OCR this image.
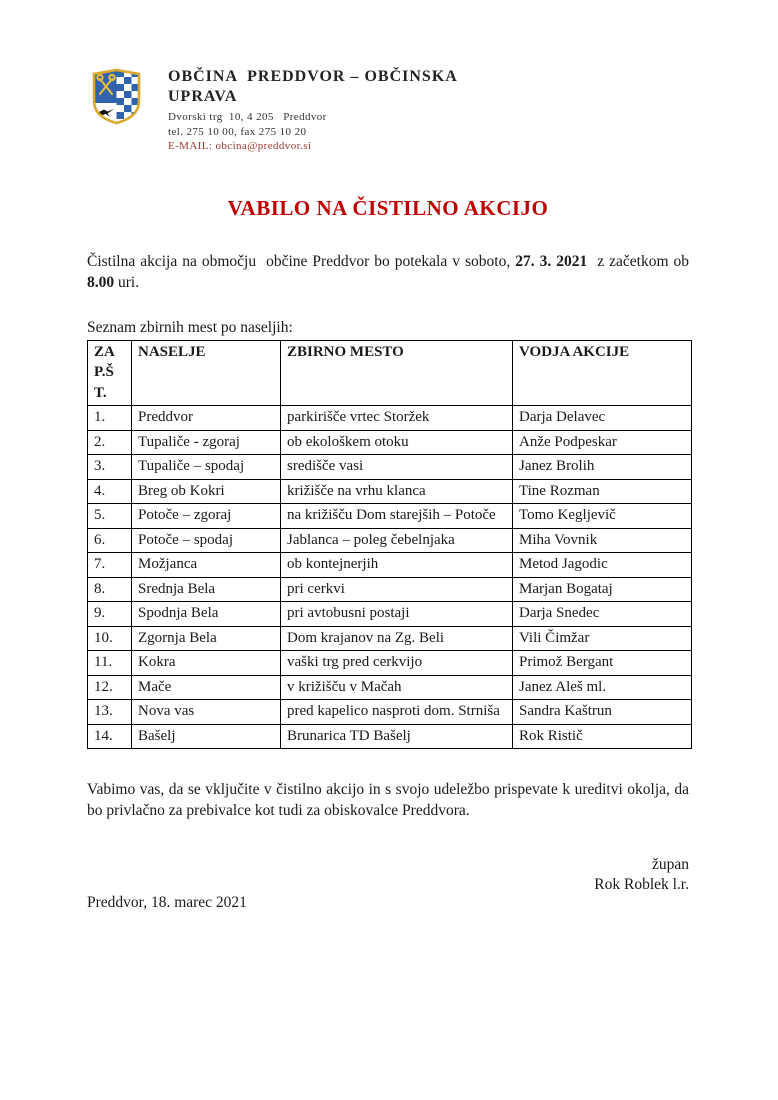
OBČINA  PREDDVOR – OBČINSKA
UPRAVA
Dvorski trg  10, 4 205   Preddvor
tel. 275 10 00, fax 275 10 20
E-MAIL: obcina@preddvor.si
VABILO NA ČISTILNO AKCIJO
Čistilna akcija na območju  občine Preddvor bo potekala v soboto, 27. 3. 2021  z začetkom ob 8.00 uri.
Seznam zbirnih mest po naseljih:
ZA P.Š T.	NASELJE	ZBIRNO MESTO	VODJA AKCIJE
1.	Preddvor	parkirišče vrtec Storžek	Darja Delavec
2.	Tupaliče - zgoraj	ob ekološkem otoku	Anže Podpeskar
3.	Tupaliče – spodaj	središče vasi	Janez Brolih
4.	Breg ob Kokri	križišče na vrhu klanca	Tine Rozman
5.	Potoče – zgoraj	na križišču Dom starejših – Potoče	Tomo Kegljevič
6.	Potoče – spodaj	Jablanca – poleg čebelnjaka	Miha Vovnik
7.	Možjanca	ob kontejnerjih	Metod Jagodic
8.	Srednja Bela	pri cerkvi	Marjan Bogataj
9.	Spodnja Bela	pri avtobusni postaji	Darja Snedec
10.	Zgornja Bela	Dom krajanov na Zg. Beli	Vili Čimžar
11.	Kokra	vaški trg pred cerkvijo	Primož Bergant
12.	Mače	v križišču v Mačah	Janez Aleš ml.
13.	Nova vas	pred kapelico nasproti dom. Strniša	Sandra Kaštrun
14.	Bašelj	Brunarica TD Bašelj	Rok Ristič
Vabimo vas, da se vključite v čistilno akcijo in s svojo udeležbo prispevate k ureditvi okolja, da bo privlačno za prebivalce kot tudi za obiskovalce Preddvora.
župan
Rok Roblek l.r.
Preddvor, 18. marec 2021
